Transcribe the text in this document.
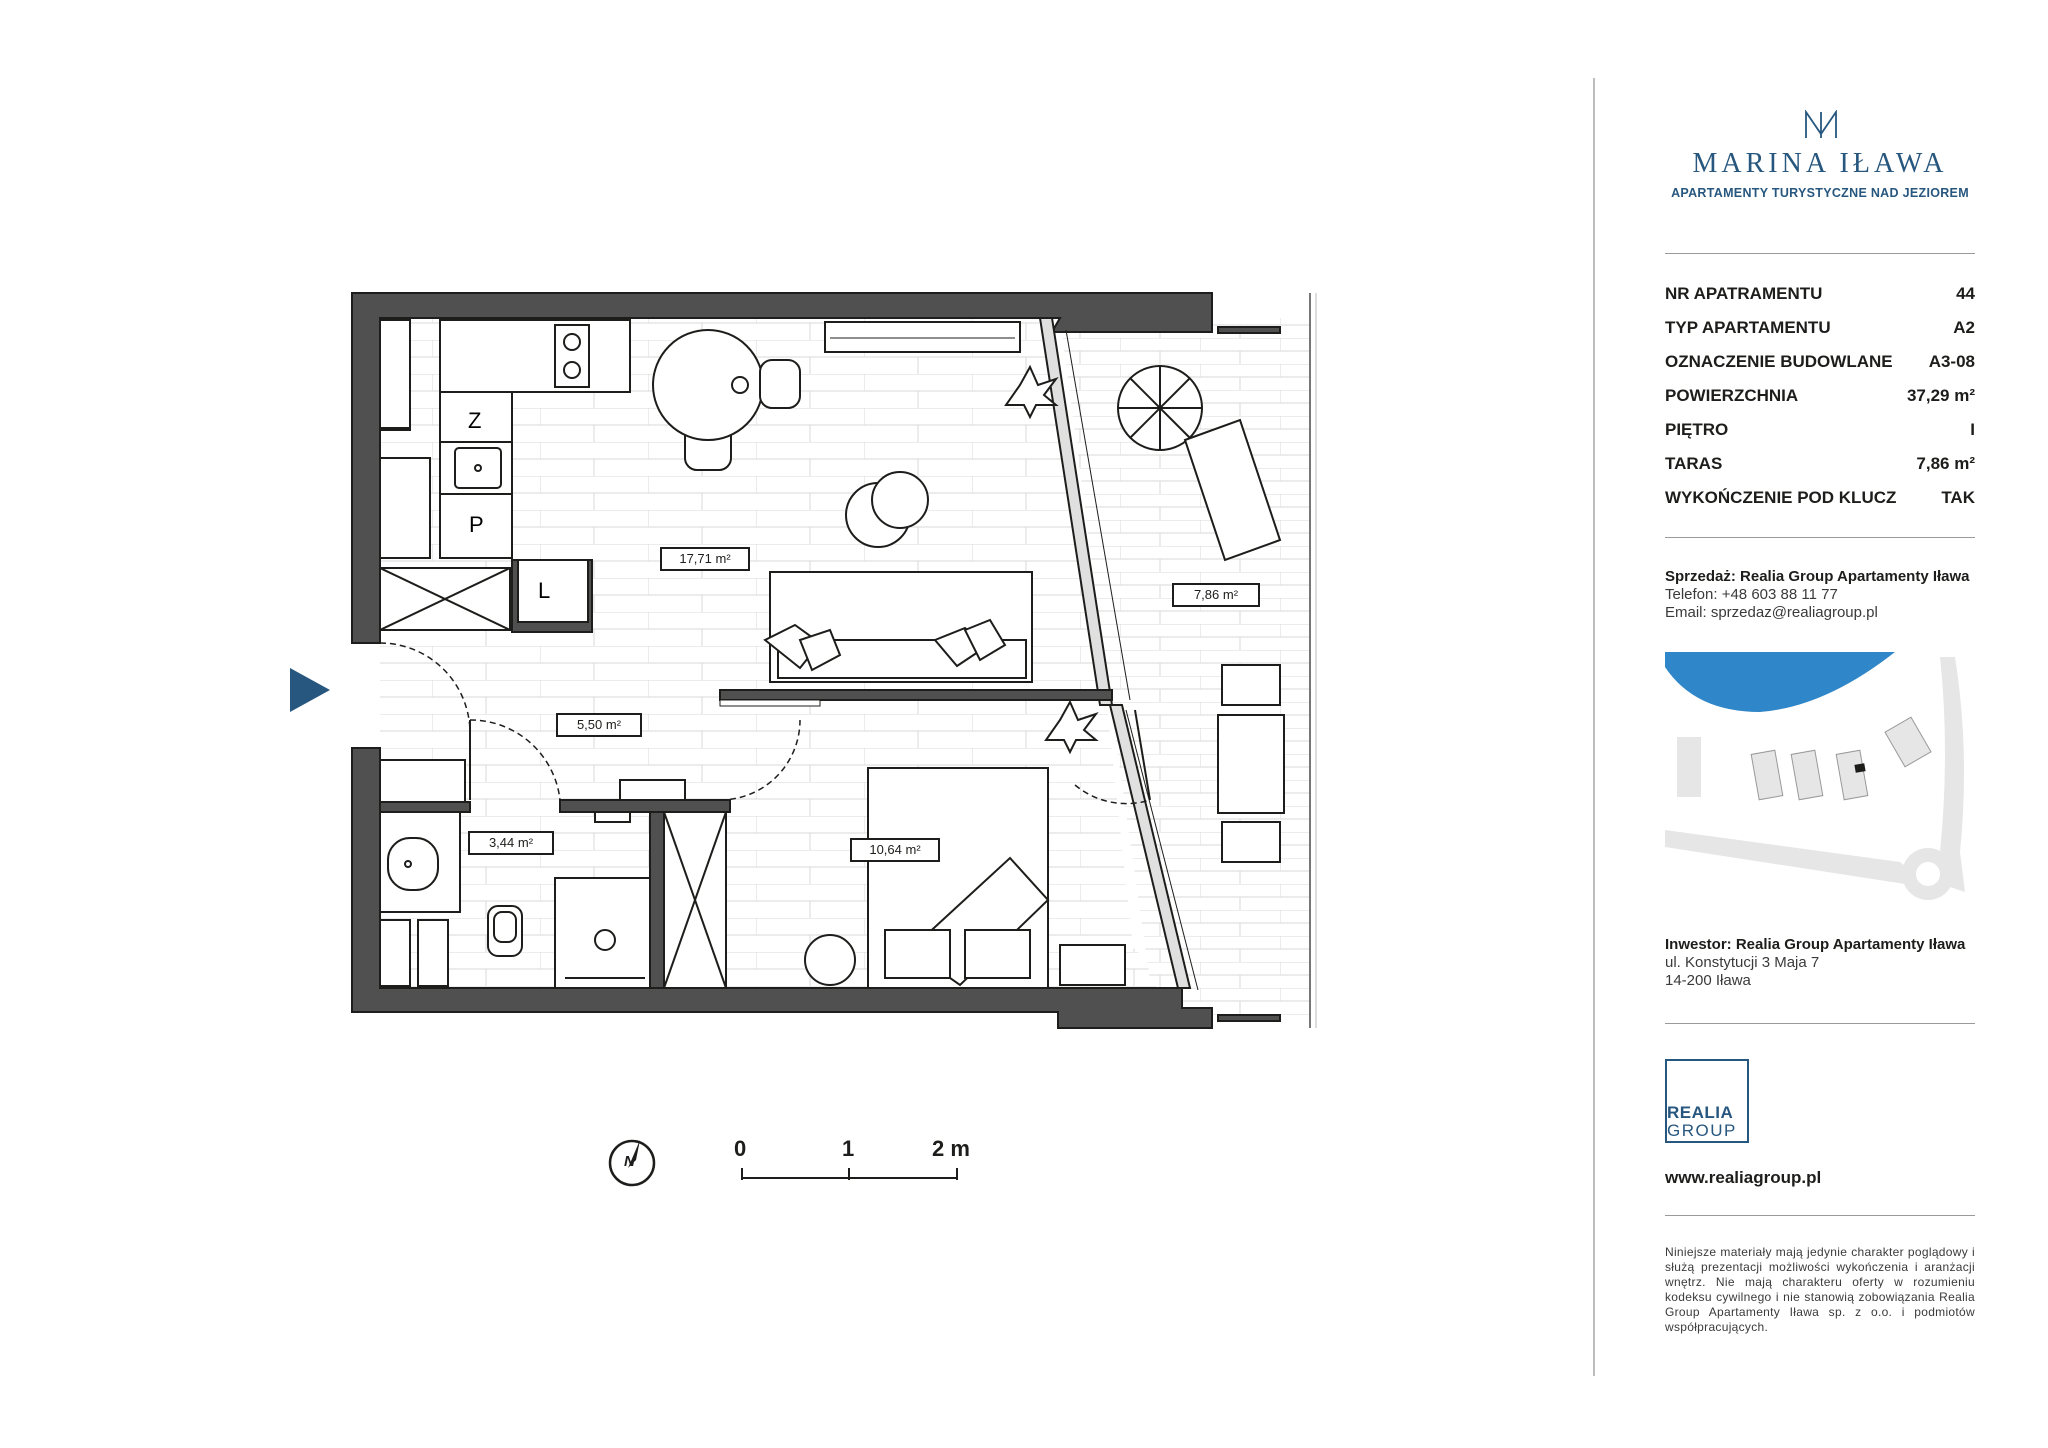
Z
P
L
17,71 m²
5,50 m²
3,44 m²	10,64 m²
7,86 m²
0	1	2 m
N
MARINA IŁAWA
APARTAMENTY TURYSTYCZNE NAD JEZIOREM
NR APATRAMENTU	44
TYP APARTAMENTU	A2
OZNACZENIE BUDOWLANE A3-08
POWIERZCHNIA	37,29 m²
PIĘTRO	I
TARAS	7,86 m²
WYKOŃCZENIE POD KLUCZ	TAK
Sprzedaż: Realia Group Apartamenty Iława
Telefon: +48 603 88 11 77
Email: sprzedaz@realiagroup.pl
Inwestor: Realia Group Apartamenty Iława
ul. Konstytucji 3 Maja 7
14-200 Iława
REALIA
GROUP
www.realiagroup.pl
Niniejsze materiały mają jedynie charakter poglądowy i służą prezentacji możliwości wykończenia i aranżacji wnętrz. Nie mają charakteru oferty w rozumieniu kodeksu cywilnego i nie stanowią zobowiązania Realia Group Apartamenty Iława sp. z o.o. i podmiotów współpracujących.
